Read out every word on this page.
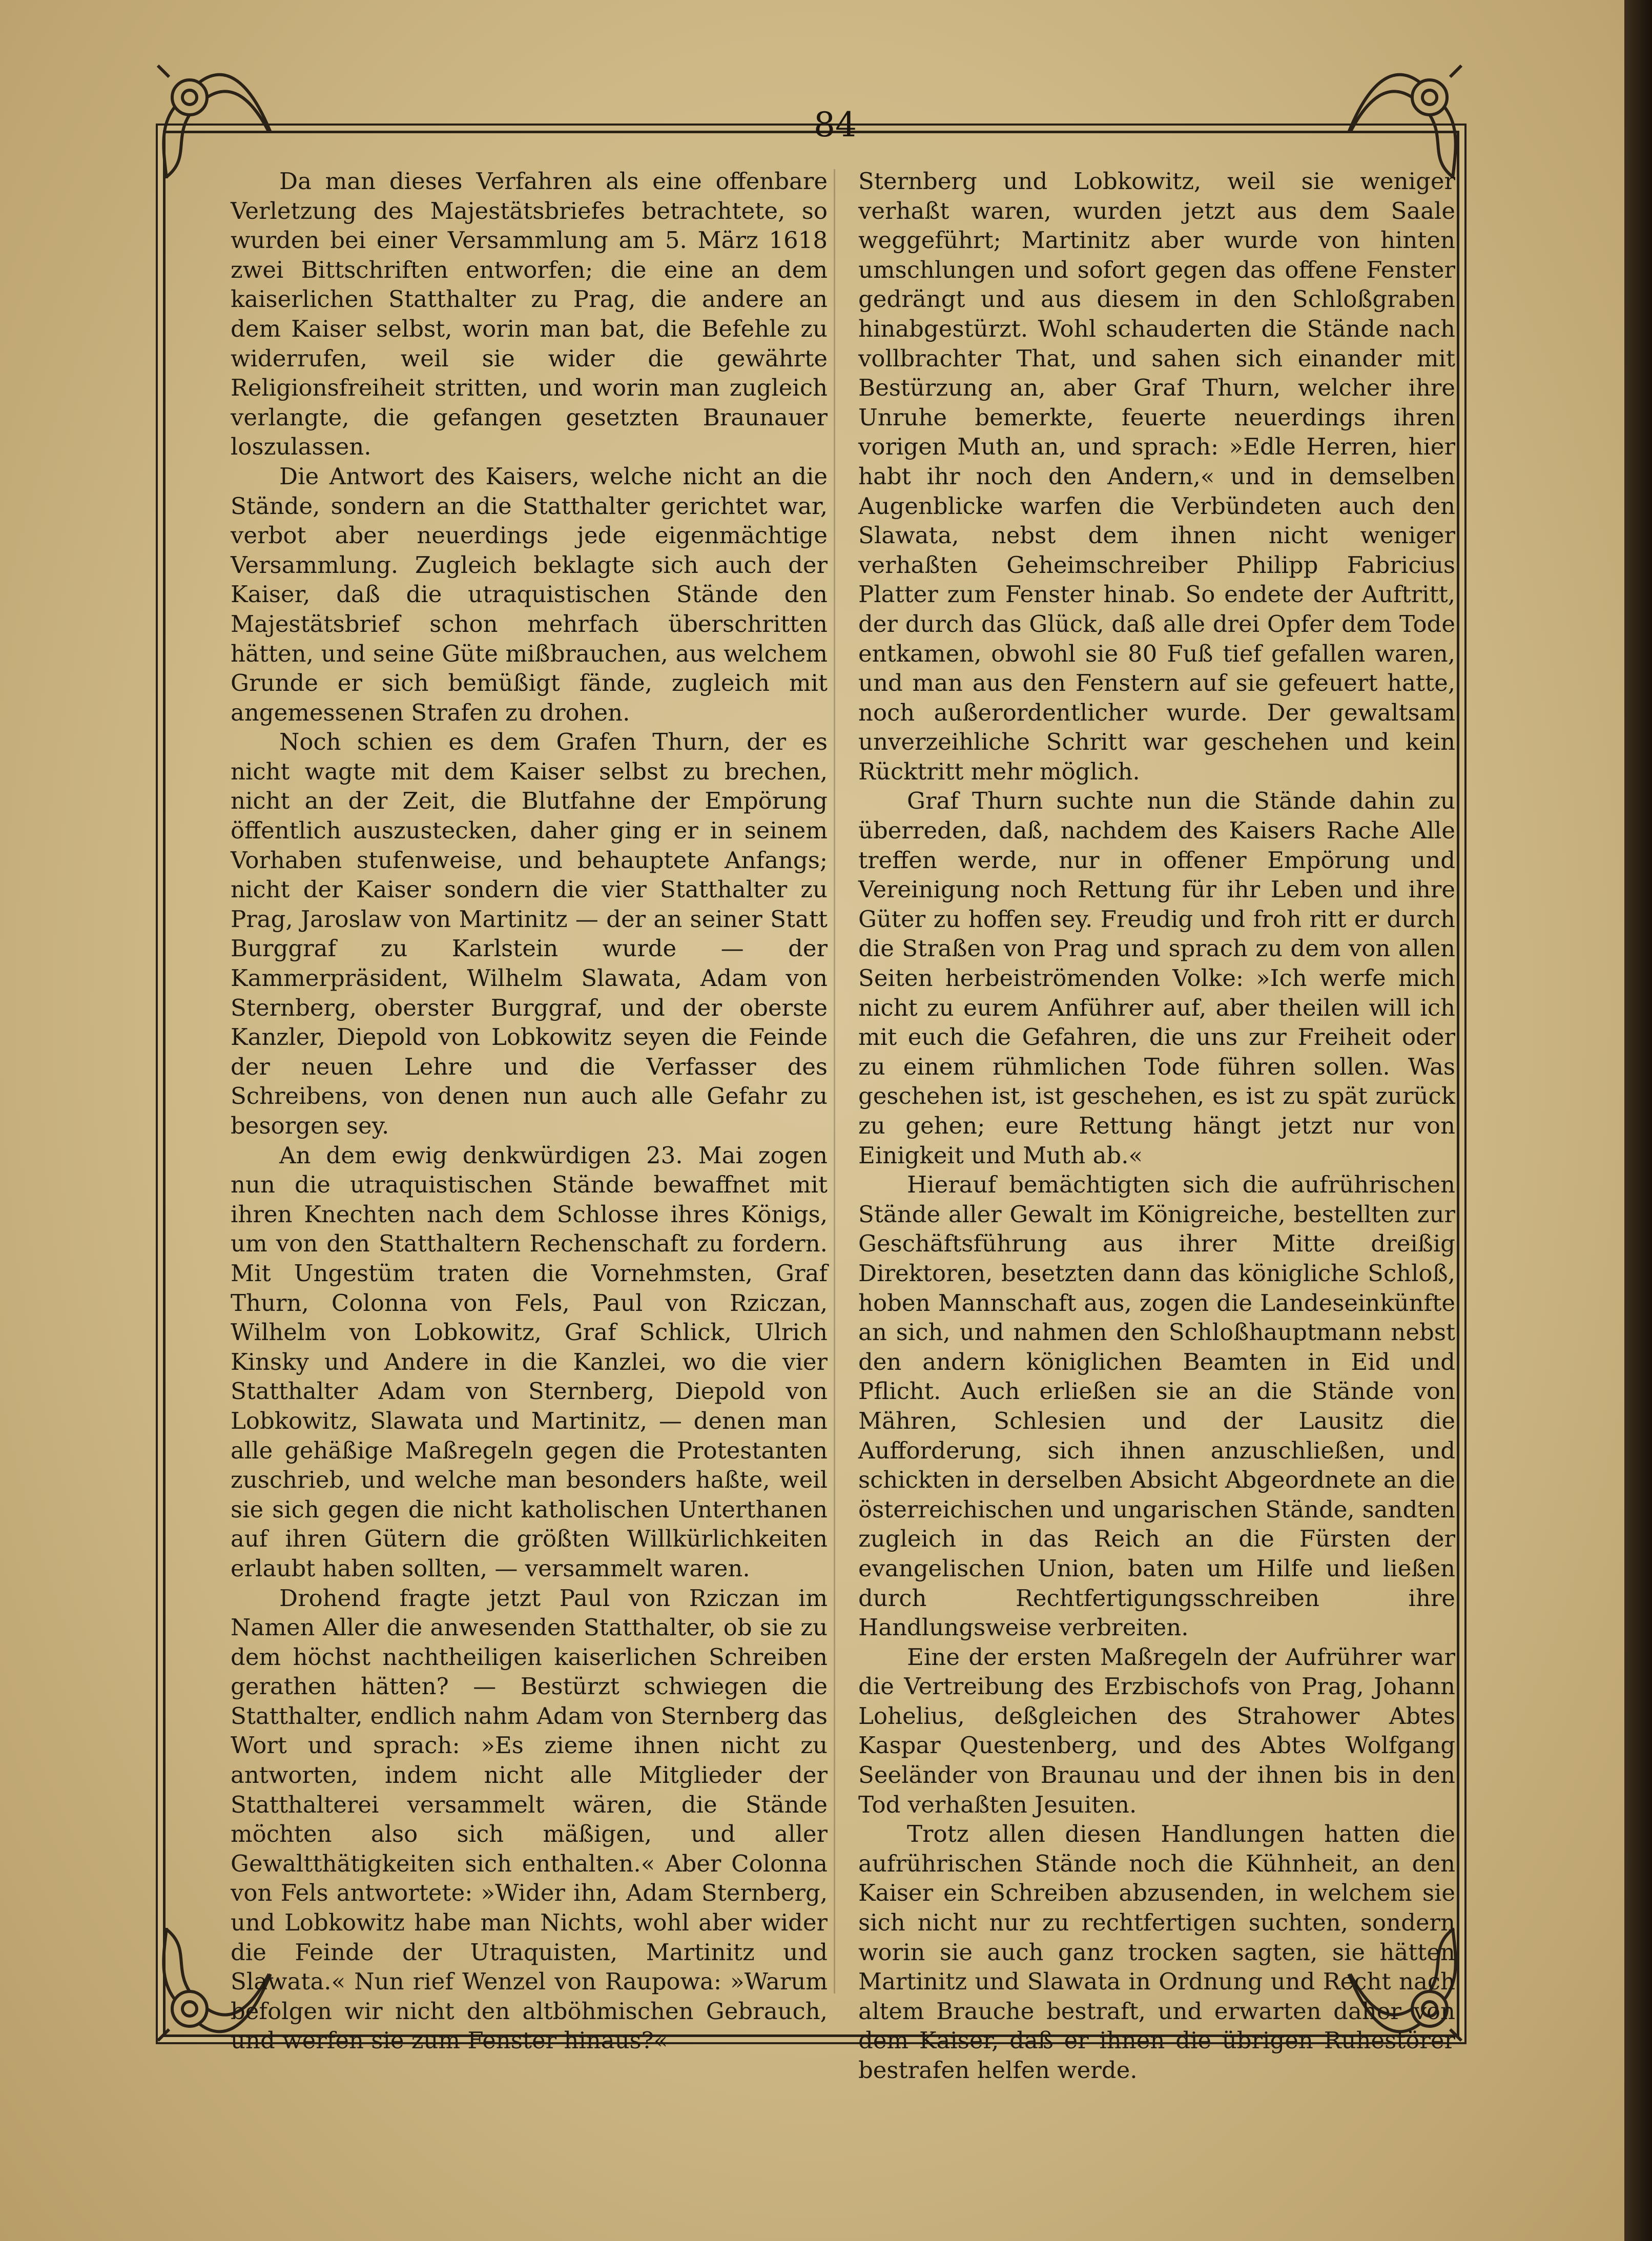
84

Da man dieses Verfahren als eine offenbare Verletzung des Majestätsbriefes betrachtete, so wurden bei einer Versammlung am 5. März 1618 zwei Bittschriften entworfen; die eine an dem kaiserlichen Statthalter zu Prag, die andere an dem Kaiser selbst, worin man bat, die Befehle zu widerrufen, weil sie wider die gewährte Religionsfreiheit stritten, und worin man zugleich verlangte, die gefangen gesetzten Braunauer loszulassen.

Die Antwort des Kaisers, welche nicht an die Stände, sondern an die Statthalter gerichtet war, verbot aber neuerdings jede eigenmächtige Versammlung. Zugleich beklagte sich auch der Kaiser, daß die utraquistischen Stände den Majestätsbrief schon mehrfach überschritten hätten, und seine Güte mißbrauchen, aus welchem Grunde er sich bemüßigt fände, zugleich mit angemessenen Strafen zu drohen.

Noch schien es dem Grafen Thurn, der es nicht wagte mit dem Kaiser selbst zu brechen, nicht an der Zeit, die Blutfahne der Empörung öffentlich auszustecken, daher ging er in seinem Vorhaben stufenweise, und behauptete Anfangs; nicht der Kaiser sondern die vier Statthalter zu Prag, Jaroslaw von Martinitz — der an seiner Statt Burggraf zu Karlstein wurde — der Kammerpräsident, Wilhelm Slawata, Adam von Sternberg, oberster Burggraf, und der oberste Kanzler, Diepold von Lobkowitz seyen die Feinde der neuen Lehre und die Verfasser des Schreibens, von denen nun auch alle Gefahr zu besorgen sey.

An dem ewig denkwürdigen 23. Mai zogen nun die utraquistischen Stände bewaffnet mit ihren Knechten nach dem Schlosse ihres Königs, um von den Statthaltern Rechenschaft zu fordern. Mit Ungestüm traten die Vornehmsten, Graf Thurn, Colonna von Fels, Paul von Rziczan, Wilhelm von Lobkowitz, Graf Schlick, Ulrich Kinsky und Andere in die Kanzlei, wo die vier Statthalter Adam von Sternberg, Diepold von Lobkowitz, Slawata und Martinitz, — denen man alle gehäßige Maßregeln gegen die Protestanten zuschrieb, und welche man besonders haßte, weil sie sich gegen die nicht katholischen Unterthanen auf ihren Gütern die größten Willkürlichkeiten erlaubt haben sollten, — versammelt waren.

Drohend fragte jetzt Paul von Rziczan im Namen Aller die anwesenden Statthalter, ob sie zu dem höchst nachtheiligen kaiserlichen Schreiben gerathen hätten? — Bestürzt schwiegen die Statthalter, endlich nahm Adam von Sternberg das Wort und sprach: »Es zieme ihnen nicht zu antworten, indem nicht alle Mitglieder der Statthalterei versammelt wären, die Stände möchten also sich mäßigen, und aller Gewaltthätigkeiten sich enthalten.« Aber Colonna von Fels antwortete: »Wider ihn, Adam Sternberg, und Lobkowitz habe man Nichts, wohl aber wider die Feinde der Utraquisten, Martinitz und Slawata.« Nun rief Wenzel von Raupowa: »Warum befolgen wir nicht den altböhmischen Gebrauch, und werfen sie zum Fenster hinaus?«

Sternberg und Lobkowitz, weil sie weniger verhaßt waren, wurden jetzt aus dem Saale weggeführt; Martinitz aber wurde von hinten umschlungen und sofort gegen das offene Fenster gedrängt und aus diesem in den Schloßgraben hinabgestürzt. Wohl schauderten die Stände nach vollbrachter That, und sahen sich einander mit Bestürzung an, aber Graf Thurn, welcher ihre Unruhe bemerkte, feuerte neuerdings ihren vorigen Muth an, und sprach: »Edle Herren, hier habt ihr noch den Andern,« und in demselben Augenblicke warfen die Verbündeten auch den Slawata, nebst dem ihnen nicht weniger verhaßten Geheimschreiber Philipp Fabricius Platter zum Fenster hinab. So endete der Auftritt, der durch das Glück, daß alle drei Opfer dem Tode entkamen, obwohl sie 80 Fuß tief gefallen waren, und man aus den Fenstern auf sie gefeuert hatte, noch außerordentlicher wurde. Der gewaltsam unverzeihliche Schritt war geschehen und kein Rücktritt mehr möglich.

Graf Thurn suchte nun die Stände dahin zu überreden, daß, nachdem des Kaisers Rache Alle treffen werde, nur in offener Empörung und Vereinigung noch Rettung für ihr Leben und ihre Güter zu hoffen sey. Freudig und froh ritt er durch die Straßen von Prag und sprach zu dem von allen Seiten herbeiströmenden Volke: »Ich werfe mich nicht zu eurem Anführer auf, aber theilen will ich mit euch die Gefahren, die uns zur Freiheit oder zu einem rühmlichen Tode führen sollen. Was geschehen ist, ist geschehen, es ist zu spät zurück zu gehen; eure Rettung hängt jetzt nur von Einigkeit und Muth ab.«

Hierauf bemächtigten sich die aufrührischen Stände aller Gewalt im Königreiche, bestellten zur Geschäftsführung aus ihrer Mitte dreißig Direktoren, besetzten dann das königliche Schloß, hoben Mannschaft aus, zogen die Landeseinkünfte an sich, und nahmen den Schloßhauptmann nebst den andern königlichen Beamten in Eid und Pflicht. Auch erließen sie an die Stände von Mähren, Schlesien und der Lausitz die Aufforderung, sich ihnen anzuschließen, und schickten in derselben Absicht Abgeordnete an die österreichischen und ungarischen Stände, sandten zugleich in das Reich an die Fürsten der evangelischen Union, baten um Hilfe und ließen durch Rechtfertigungsschreiben ihre Handlungsweise verbreiten.

Eine der ersten Maßregeln der Aufrührer war die Vertreibung des Erzbischofs von Prag, Johann Lohelius, deßgleichen des Strahower Abtes Kaspar Questenberg, und des Abtes Wolfgang Seeländer von Braunau und der ihnen bis in den Tod verhaßten Jesuiten.

Trotz allen diesen Handlungen hatten die aufrührischen Stände noch die Kühnheit, an den Kaiser ein Schreiben abzusenden, in welchem sie sich nicht nur zu rechtfertigen suchten, sondern worin sie auch ganz trocken sagten, sie hätten Martinitz und Slawata in Ordnung und Recht nach altem Brauche bestraft, und erwarten daher von dem Kaiser, daß er ihnen die übrigen Ruhestörer bestrafen helfen werde.
